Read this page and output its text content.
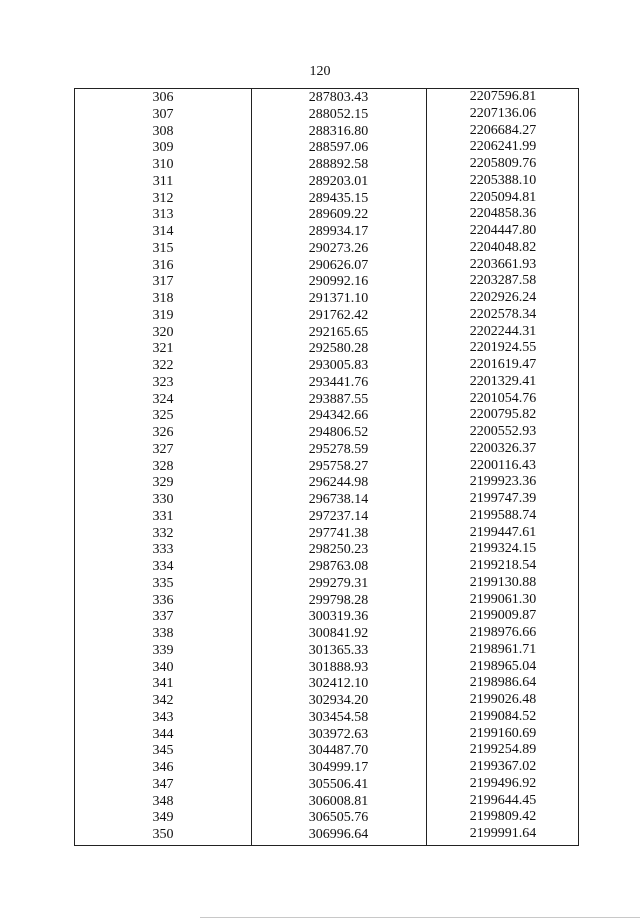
120
306	287803.43	2207596.81
307	288052.15	2207136.06
308	288316.80	2206684.27
309	288597.06	2206241.99
310	288892.58	2205809.76
311	289203.01	2205388.10
312	289435.15	2205094.81
313	289609.22	2204858.36
314	289934.17	2204447.80
315	290273.26	2204048.82
316	290626.07	2203661.93
317	290992.16	2203287.58
318	291371.10	2202926.24
319	291762.42	2202578.34
320	292165.65	2202244.31
321	292580.28	2201924.55
322	293005.83	2201619.47
323	293441.76	2201329.41
324	293887.55	2201054.76
325	294342.66	2200795.82
326	294806.52	2200552.93
327	295278.59	2200326.37
328	295758.27	2200116.43
329	296244.98	2199923.36
330	296738.14	2199747.39
331	297237.14	2199588.74
332	297741.38	2199447.61
333	298250.23	2199324.15
334	298763.08	2199218.54
335	299279.31	2199130.88
336	299798.28	2199061.30
337	300319.36	2199009.87
338	300841.92	2198976.66
339	301365.33	2198961.71
340	301888.93	2198965.04
341	302412.10	2198986.64
342	302934.20	2199026.48
343	303454.58	2199084.52
344	303972.63	2199160.69
345	304487.70	2199254.89
346	304999.17	2199367.02
347	305506.41	2199496.92
348	306008.81	2199644.45
349	306505.76	2199809.42
350	306996.64	2199991.64
